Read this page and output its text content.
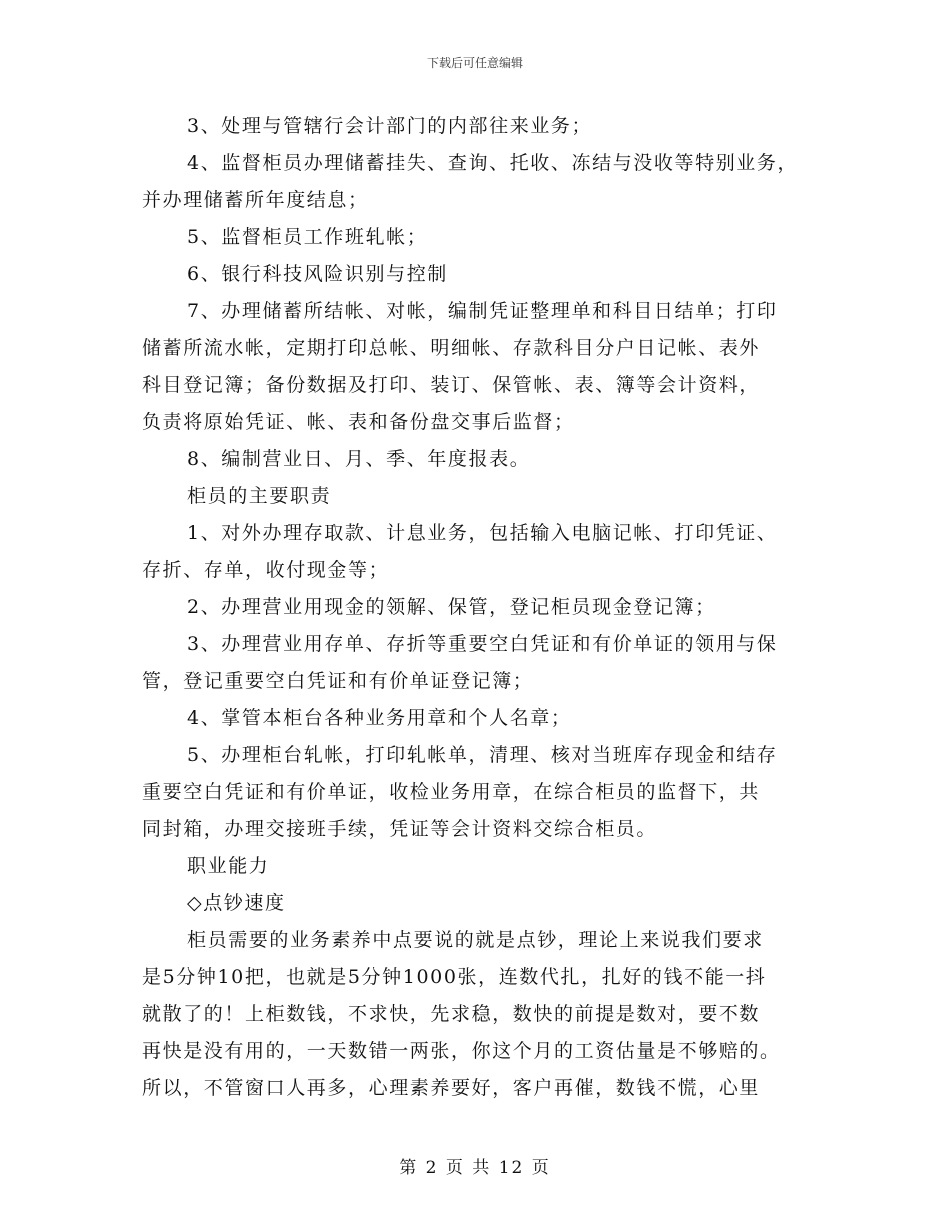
下载后可任意编辑
3、处理与管辖行会计部门的内部往来业务；
4、监督柜员办理储蓄挂失、查询、托收、冻结与没收等特别业务，
并办理储蓄所年度结息；
5、监督柜员工作班轧帐；
6、银行科技风险识别与控制
7、办理储蓄所结帐、对帐，编制凭证整理单和科目日结单；打印
储蓄所流水帐，定期打印总帐、明细帐、存款科目分户日记帐、表外
科目登记簿；备份数据及打印、装订、保管帐、表、簿等会计资料，
负责将原始凭证、帐、表和备份盘交事后监督；
8、编制营业日、月、季、年度报表。
柜员的主要职责
1、对外办理存取款、计息业务，包括输入电脑记帐、打印凭证、
存折、存单，收付现金等；
2、办理营业用现金的领解、保管，登记柜员现金登记簿；
3、办理营业用存单、存折等重要空白凭证和有价单证的领用与保
管，登记重要空白凭证和有价单证登记簿；
4、掌管本柜台各种业务用章和个人名章；
5、办理柜台轧帐，打印轧帐单，清理、核对当班库存现金和结存
重要空白凭证和有价单证，收检业务用章，在综合柜员的监督下，共
同封箱，办理交接班手续，凭证等会计资料交综合柜员。
职业能力
◇点钞速度
柜员需要的业务素养中点要说的就是点钞，理论上来说我们要求
是5分钟10把，也就是5分钟1000张，连数代扎，扎好的钱不能一抖
就散了的！上柜数钱，不求快，先求稳，数快的前提是数对，要不数
再快是没有用的，一天数错一两张，你这个月的工资估量是不够赔的。
所以，不管窗口人再多，心理素养要好，客户再催，数钱不慌，心里
第 2 页 共 12 页
